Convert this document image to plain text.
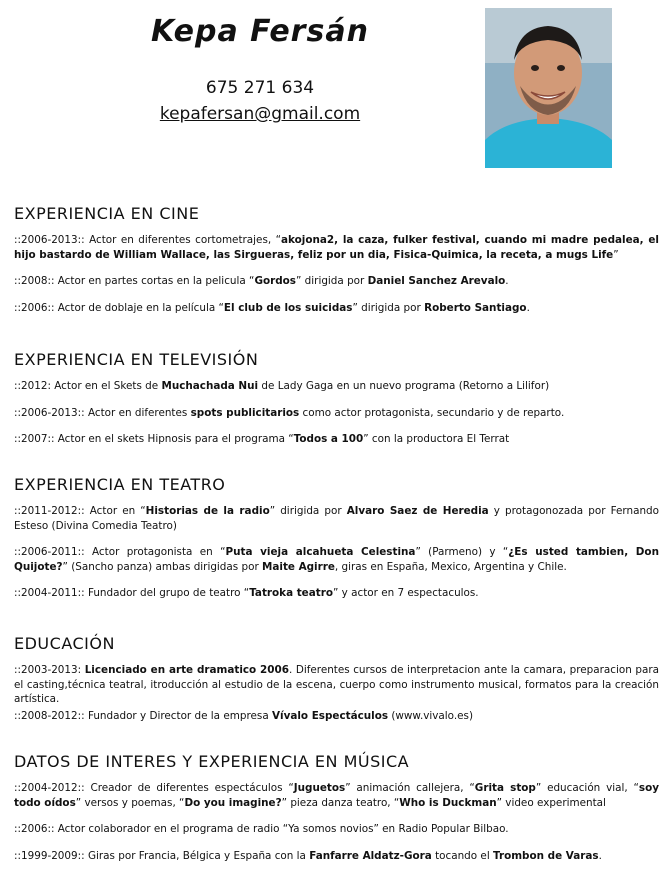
Kepa Fersán
675 271 634
kepafersan@gmail.com
EXPERIENCIA EN CINE
::2006-2013:: Actor en diferentes cortometrajes, “akojona2, la caza, fulker festival, cuando mi madre pedalea, el hijo bastardo de William Wallace, las Sirgueras, feliz por un dia, Fisica-Quimica, la receta, a mugs Life”
::2008:: Actor en partes cortas en la pelicula “Gordos” dirigida por Daniel Sanchez Arevalo.
::2006:: Actor de doblaje en la película “El club de los suicidas” dirigida por Roberto Santiago.
EXPERIENCIA EN TELEVISIÓN
::2012: Actor en el Skets de Muchachada Nui de Lady Gaga en un nuevo programa (Retorno a Lilifor)
::2006-2013:: Actor en diferentes spots publicitarios como actor protagonista, secundario y de reparto.
::2007:: Actor en el skets Hipnosis para el programa “Todos a 100” con la productora El Terrat
EXPERIENCIA EN TEATRO
::2011-2012:: Actor en “Historias de la radio” dirigida por Alvaro Saez de Heredia y protagonozada por Fernando Esteso (Divina Comedia Teatro)
::2006-2011:: Actor protagonista en “Puta vieja alcahueta Celestina” (Parmeno) y “¿Es usted tambien, Don Quijote?” (Sancho panza) ambas dirigidas por Maite Agirre, giras en España, Mexico, Argentina y Chile.
::2004-2011:: Fundador del grupo de teatro “Tatroka teatro” y actor en 7 espectaculos.
EDUCACIÓN
::2003-2013: Licenciado en arte dramatico 2006. Diferentes cursos de interpretacion ante la camara, preparacion para el casting,técnica teatral, itroducción al estudio de la escena, cuerpo como instrumento musical, formatos para la creación artística.
::2008-2012:: Fundador y Director de la empresa Vívalo Espectáculos (www.vivalo.es)
DATOS DE INTERES Y EXPERIENCIA EN MÚSICA
::2004-2012:: Creador de diferentes espectáculos “Juguetos” animación callejera, “Grita stop” educación vial, “soy todo oídos” versos y poemas, “Do you imagine?” pieza danza teatro, “Who is Duckman” video experimental
::2006:: Actor colaborador en el programa de radio “Ya somos novios” en Radio Popular Bilbao.
::1999-2009:: Giras por Francia, Bélgica y España con la Fanfarre Aldatz-Gora tocando el Trombon de Varas.
